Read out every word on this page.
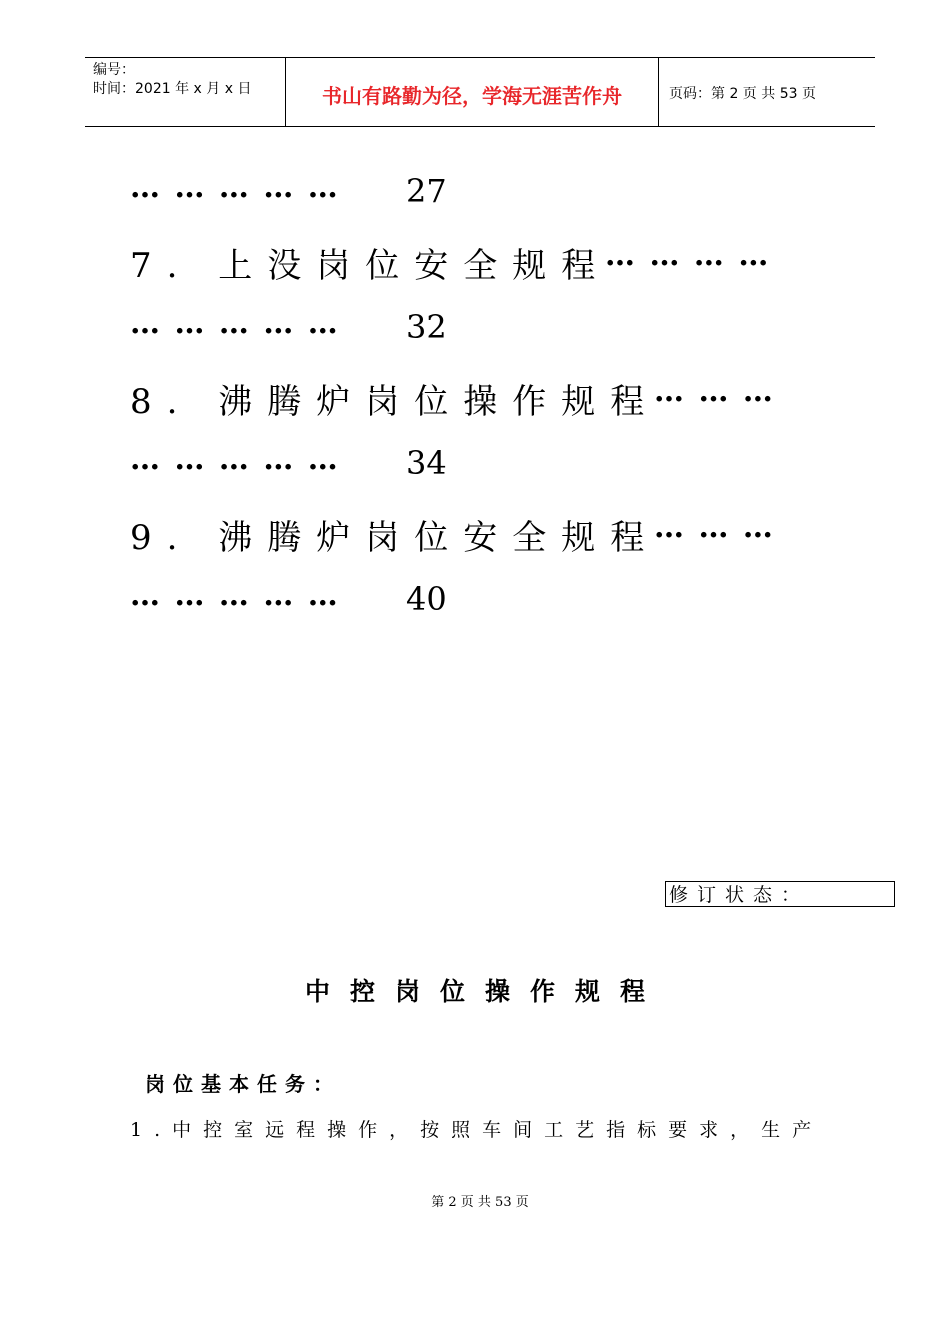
编号：
时间：2021 年 x 月 x 日	书山有路勤为径，学海无涯苦作舟	页码：第 2 页 共 53 页
… … … … … 27
7. 上没岗位安全规程
… … … …
… … … … … 32
8. 沸腾炉岗位操作规程
… … …
… … … … … 34
9. 沸腾炉岗位安全规程
… … …
… … … … … 40
修订状态：
中控岗位操作规程
岗位基本任务：
1.中控室远程操作，按照车间工艺指标要求，生产
第 2 页 共 53 页
